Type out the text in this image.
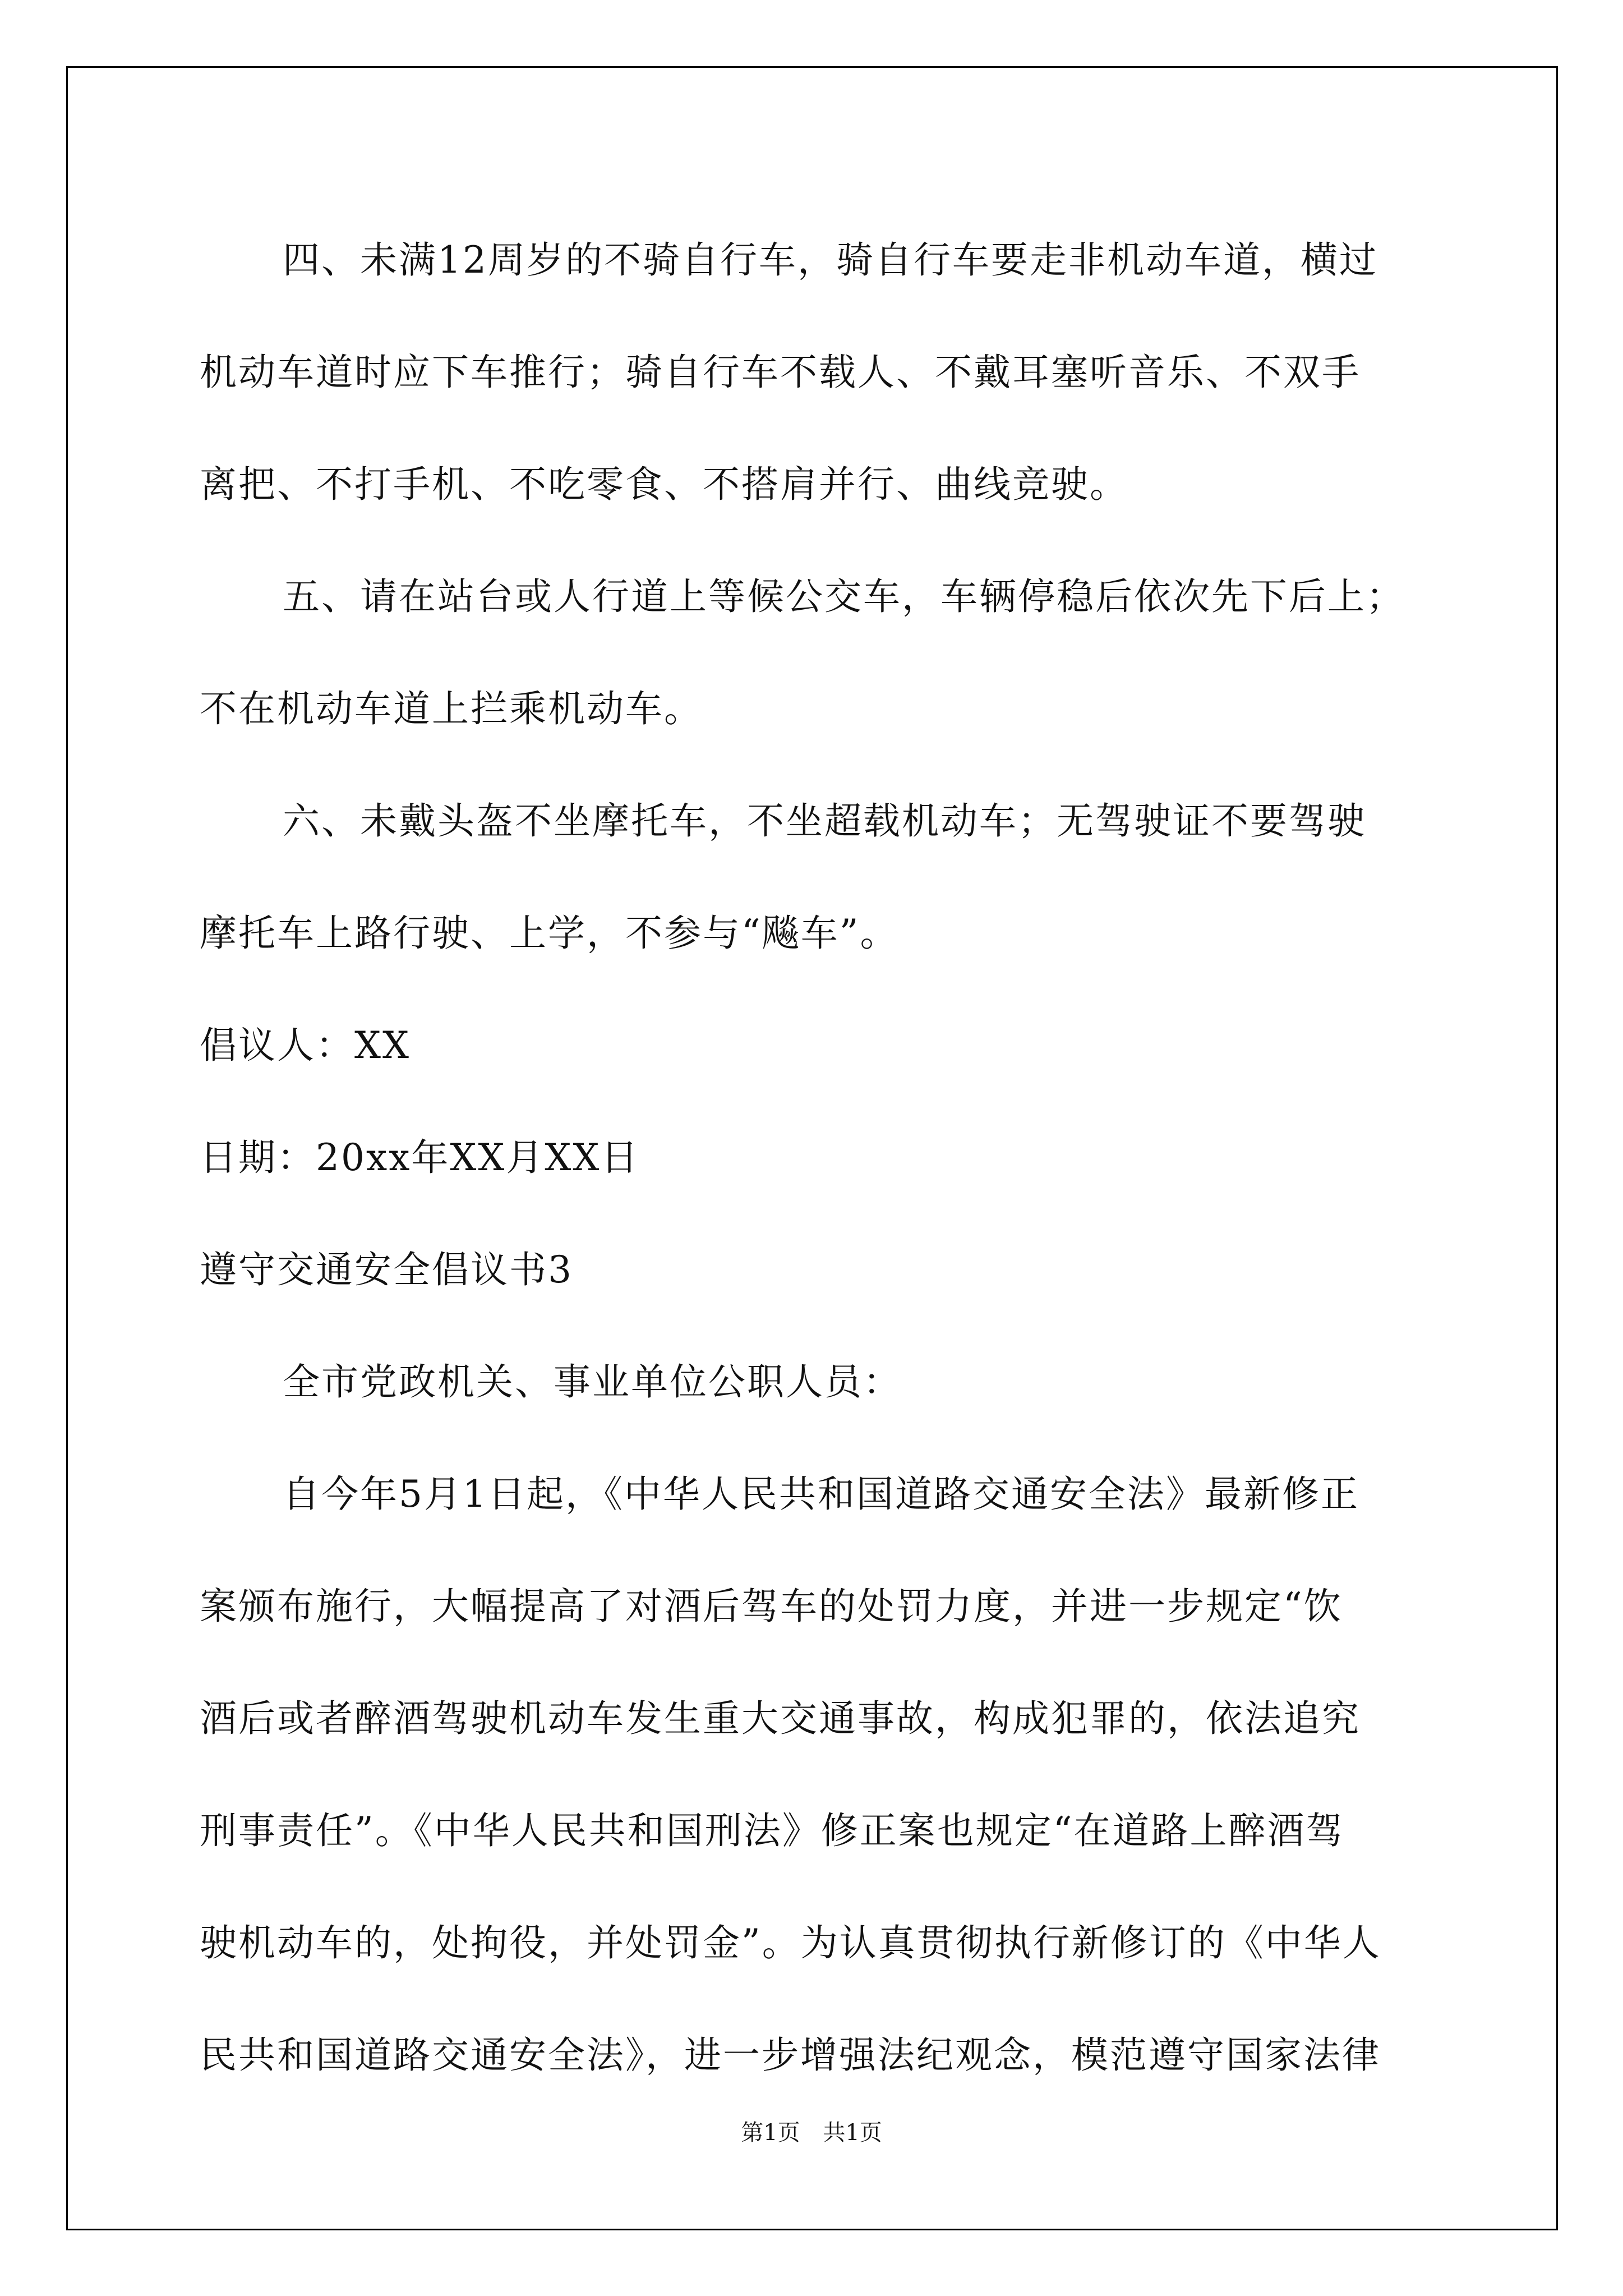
四、未满12周岁的不骑自行车，骑自行车要走非机动车道，横过
机动车道时应下车推行；骑自行车不载人、不戴耳塞听音乐、不双手
离把、不打手机、不吃零食、不搭肩并行、曲线竞驶。
五、请在站台或人行道上等候公交车，车辆停稳后依次先下后上；
不在机动车道上拦乘机动车。
六、未戴头盔不坐摩托车，不坐超载机动车；无驾驶证不要驾驶
摩托车上路行驶、上学，不参与“飚车”。
倡议人：XX
日期：20xx年XX月XX日
遵守交通安全倡议书3
全市党政机关、事业单位公职人员：
自今年5月1日起，《中华人民共和国道路交通安全法》最新修正
案颁布施行，大幅提高了对酒后驾车的处罚力度，并进一步规定“饮
酒后或者醉酒驾驶机动车发生重大交通事故，构成犯罪的，依法追究
刑事责任”。《中华人民共和国刑法》修正案也规定“在道路上醉酒驾
驶机动车的，处拘役，并处罚金”。为认真贯彻执行新修订的《中华人
民共和国道路交通安全法》，进一步增强法纪观念，模范遵守国家法律
第1页 共1页
